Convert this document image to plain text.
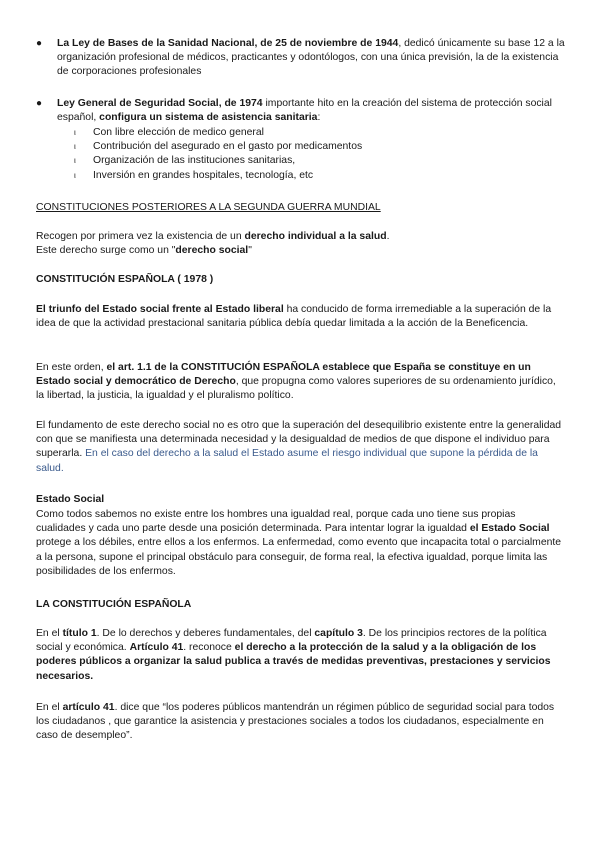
● La Ley de Bases de la Sanidad Nacional, de 25 de noviembre de 1944, dedicó únicamente su base 12 a la organización profesional de médicos, practicantes y odontólogos, con una única previsión, la de la existencia de corporaciones profesionales
● Ley General de Seguridad Social, de 1974 importante hito en la creación del sistema de protección social español, configura un sistema de asistencia sanitaria:
ι Con libre elección de medico general
ι Contribución del asegurado en el gasto por medicamentos
ι Organización de las instituciones sanitarias,
ι Inversión en grandes hospitales, tecnología, etc

CONSTITUCIONES POSTERIORES A LA SEGUNDA GUERRA MUNDIAL

Recogen por primera vez la existencia de un derecho individual a la salud.
Este derecho surge como un "derecho social"

CONSTITUCIÓN ESPAÑOLA ( 1978 )

El triunfo del Estado social frente al Estado liberal ha conducido de forma irremediable a la superación de la idea de que la actividad prestacional sanitaria pública debía quedar limitada a la acción de la Beneficencia.

En este orden, el art. 1.1 de la CONSTITUCIÓN ESPAÑOLA establece que España se constituye en un Estado social y democrático de Derecho, que propugna como valores superiores de su ordenamiento jurídico, la libertad, la justicia, la igualdad y el pluralismo político.

El fundamento de este derecho social no es otro que la superación del desequilibrio existente entre la generalidad con que se manifiesta una determinada necesidad y la desigualdad de medios de que dispone el individuo para superarla. En el caso del derecho a la salud el Estado asume el riesgo individual que supone la pérdida de la salud.

Estado Social

Como todos sabemos no existe entre los hombres una igualdad real, porque cada uno tiene sus propias cualidades y cada uno parte desde una posición determinada. Para intentar lograr la igualdad el Estado Social protege a los débiles, entre ellos a los enfermos. La enfermedad, como evento que incapacita total o parcialmente a la persona, supone el principal obstáculo para conseguir, de forma real, la efectiva igualdad, porque limita las posibilidades de los enfermos.

LA CONSTITUCIÓN ESPAÑOLA

En el título 1. De lo derechos y deberes fundamentales, del capítulo 3. De los principios rectores de la política social y económica. Artículo 41. reconoce el derecho a la protección de la salud y a la obligación de los poderes públicos a organizar la salud publica a través de medidas preventivas, prestaciones y servicios necesarios.

En el artículo 41. dice que “los poderes públicos mantendrán un régimen público de seguridad social para todos los ciudadanos , que garantice la asistencia y prestaciones sociales a todos los ciudadanos, especialmente en caso de desempleo”.
